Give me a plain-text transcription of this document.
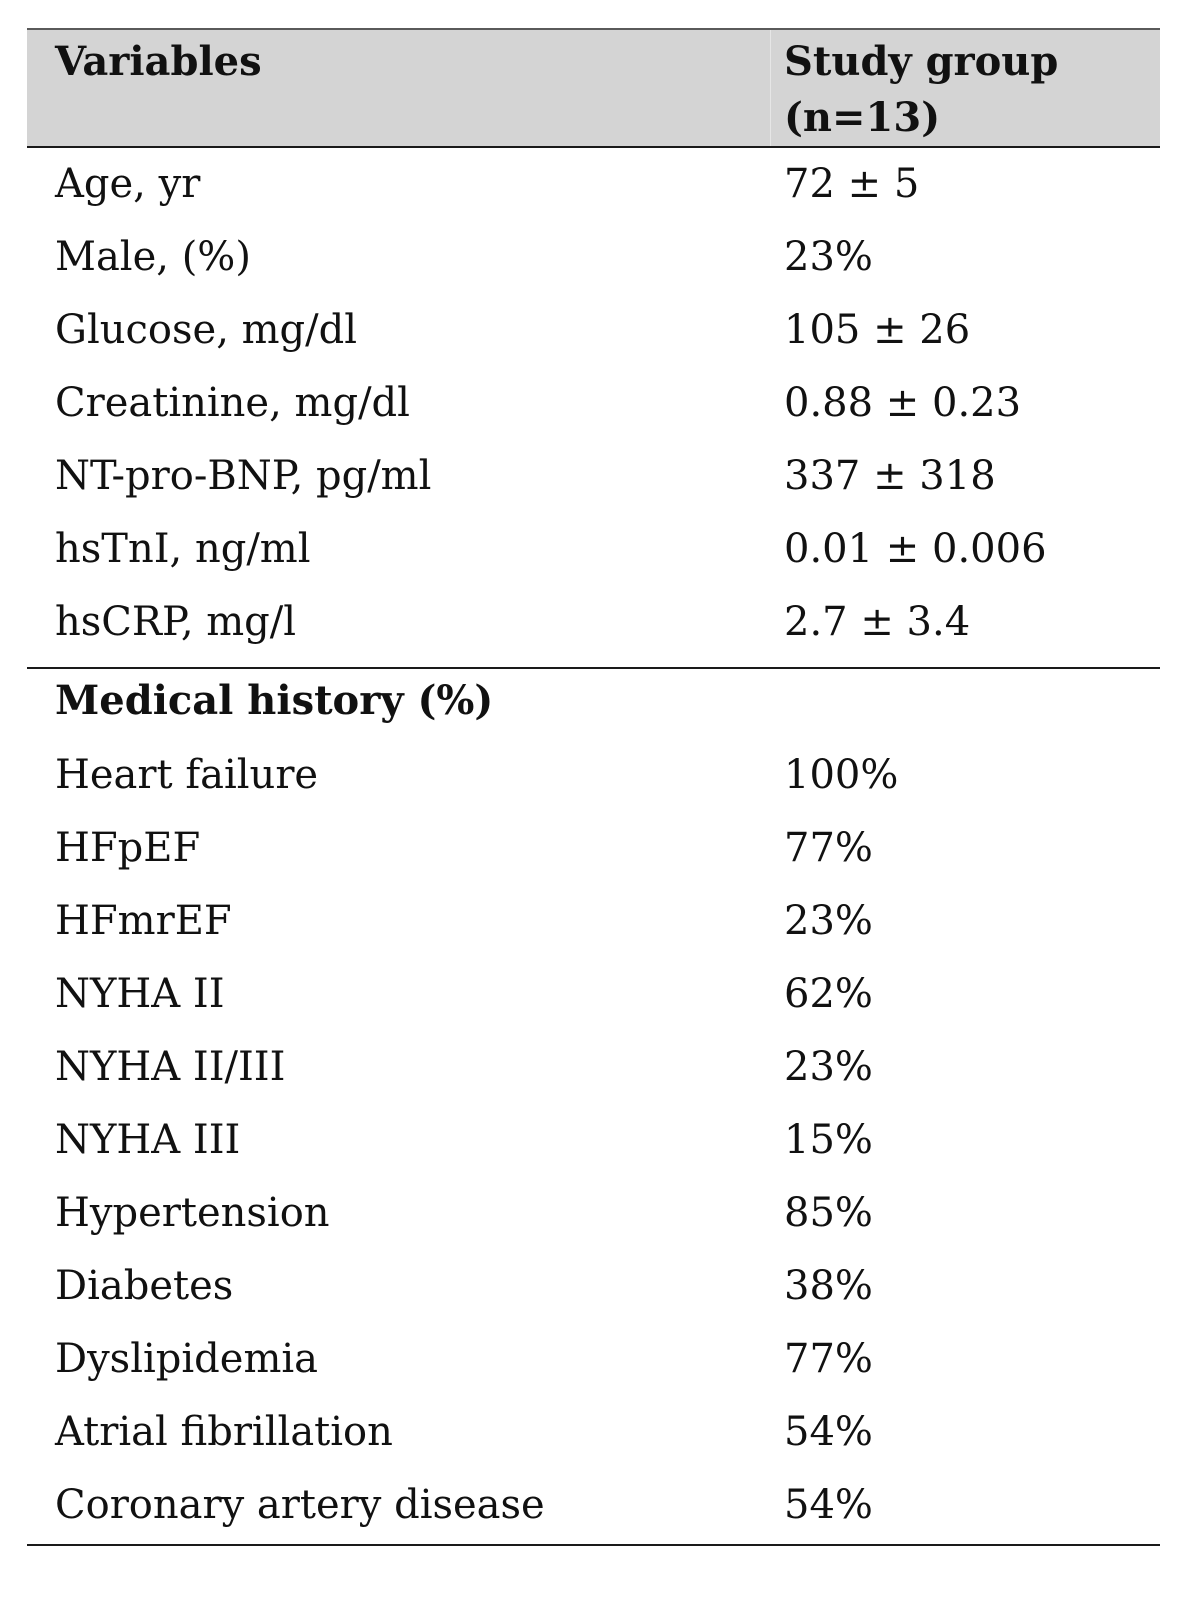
Variables	Study group
(n=13)
Age, yr	72 ± 5
Male, (%)	23%
Glucose, mg/dl	105 ± 26
Creatinine, mg/dl	0.88 ± 0.23
NT-pro-BNP, pg/ml	337 ± 318
hsTnI, ng/ml	0.01 ± 0.006
hsCRP, mg/l	2.7 ± 3.4
Medical history (%)
Heart failure	100%
HFpEF	77%
HFmrEF	23%
NYHA II	62%
NYHA II/III	23%
NYHA III	15%
Hypertension	85%
Diabetes	38%
Dyslipidemia	77%
Atrial fibrillation	54%
Coronary artery disease	54%
